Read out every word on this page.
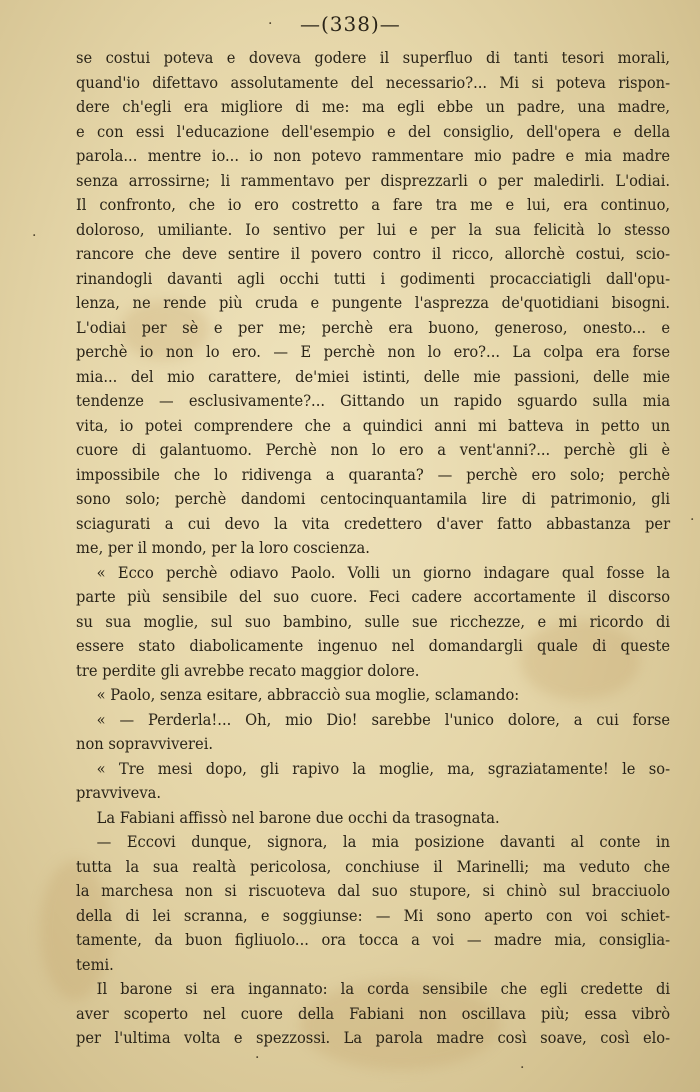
—(338)—
se costui poteva e doveva godere il superfluo di tanti tesori morali,
quand'io difettavo assolutamente del necessario?... Mi si poteva rispon-
dere ch'egli era migliore di me: ma egli ebbe un padre, una madre,
e con essi l'educazione dell'esempio e del consiglio, dell'opera e della
parola... mentre io... io non potevo rammentare mio padre e mia madre
senza arrossirne; li rammentavo per disprezzarli o per maledirli. L'odiai.
Il confronto, che io ero costretto a fare tra me e lui, era continuo,
doloroso, umiliante. Io sentivo per lui e per la sua felicità lo stesso
rancore che deve sentire il povero contro il ricco, allorchè costui, scio-
rinandogli davanti agli occhi tutti i godimenti procacciatigli dall'opu-
lenza, ne rende più cruda e pungente l'asprezza de'quotidiani bisogni.
L'odiai per sè e per me; perchè era buono, generoso, onesto... e
perchè io non lo ero. — E perchè non lo ero?... La colpa era forse
mia... del mio carattere, de'miei istinti, delle mie passioni, delle mie
tendenze — esclusivamente?... Gittando un rapido sguardo sulla mia
vita, io potei comprendere che a quindici anni mi batteva in petto un
cuore di galantuomo. Perchè non lo ero a vent'anni?... perchè gli è
impossibile che lo ridivenga a quaranta? — perchè ero solo; perchè
sono solo; perchè dandomi centocinquantamila lire di patrimonio, gli
sciagurati a cui devo la vita credettero d'aver fatto abbastanza per
me, per il mondo, per la loro coscienza.
« Ecco perchè odiavo Paolo. Volli un giorno indagare qual fosse la
parte più sensibile del suo cuore. Feci cadere accortamente il discorso
su sua moglie, sul suo bambino, sulle sue ricchezze, e mi ricordo di
essere stato diabolicamente ingenuo nel domandargli quale di queste
tre perdite gli avrebbe recato maggior dolore.
« Paolo, senza esitare, abbracciò sua moglie, sclamando:
« — Perderla!... Oh, mio Dio! sarebbe l'unico dolore, a cui forse
non sopravviverei.
« Tre mesi dopo, gli rapivo la moglie, ma, sgraziatamente! le so-
pravviveva.
La Fabiani affissò nel barone due occhi da trasognata.
— Eccovi dunque, signora, la mia posizione davanti al conte in
tutta la sua realtà pericolosa, conchiuse il Marinelli; ma veduto che
la marchesa non si riscuoteva dal suo stupore, si chinò sul bracciuolo
della di lei scranna, e soggiunse: — Mi sono aperto con voi schiet-
tamente, da buon figliuolo... ora tocca a voi — madre mia, consiglia-
temi.
Il barone si era ingannato: la corda sensibile che egli credette di
aver scoperto nel cuore della Fabiani non oscillava più; essa vibrò
per l'ultima volta e spezzossi. La parola madre così soave, così elo-
·
·
·
·
·
